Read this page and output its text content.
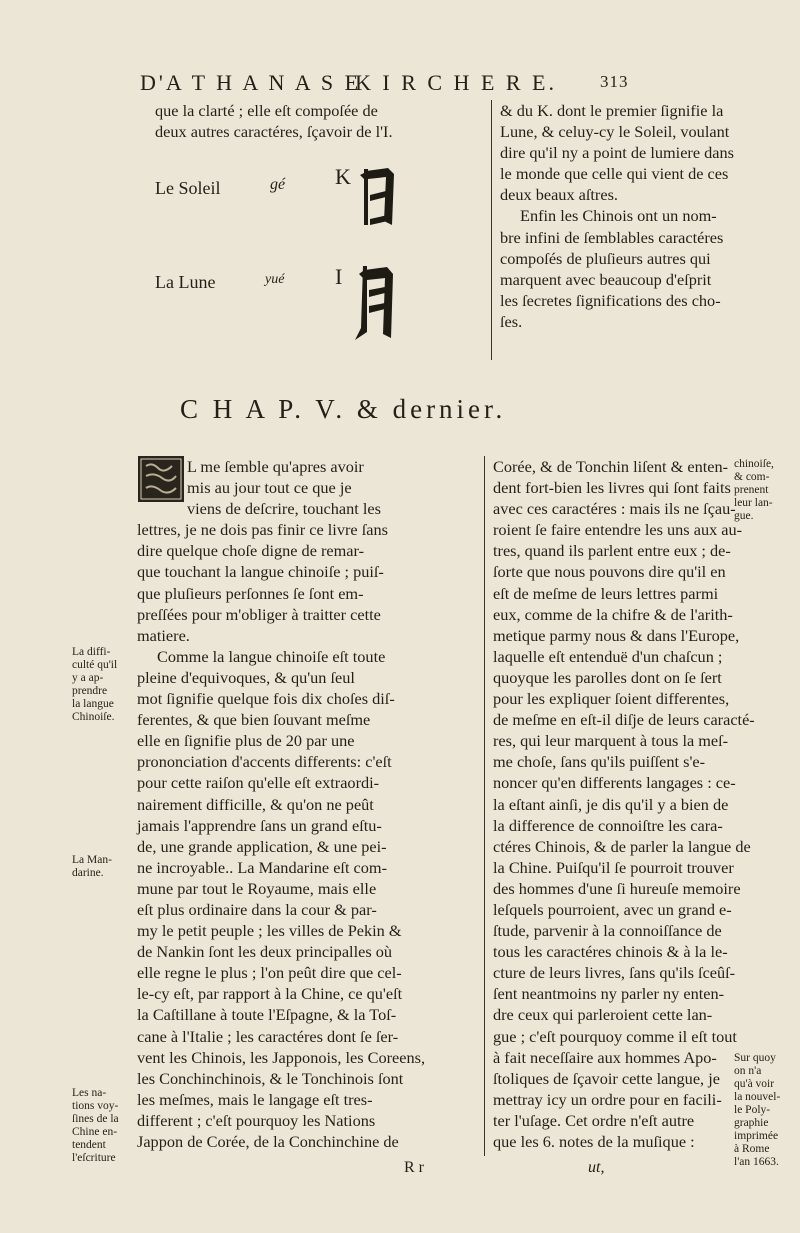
D'A T H A N A S E
K I R C H E R E.	313
que la clarté ; elle eſt compoſée de
deux autres caractéres, ſçavoir de l'I.
Le Soleil	gé K
La Lune	yué I
& du K. dont le premier ſignifie la
Lune, & celuy-cy le Soleil, voulant
dire qu'il ny a point de lumiere dans
le monde que celle qui vient de ces
deux beaux aſtres.
Enfin les Chinois ont un nom-
bre infini de ſemblables caractéres
compoſés de pluſieurs autres qui
marquent avec beaucoup d'eſprit
les ſecretes ſignifications des cho-
ſes.
C H A P. V. & dernier.
L me ſemble qu'apres avoir
mis au jour tout ce que je
viens de deſcrire, touchant les
lettres, je ne dois pas finir ce livre ſans
dire quelque choſe digne de remar-
que touchant la langue chinoiſe ; puiſ-
que pluſieurs perſonnes ſe ſont em-
preſſées pour m'obliger à traitter cette
matiere.
Comme la langue chinoiſe eſt toute
pleine d'equivoques, & qu'un ſeul
mot ſignifie quelque fois dix choſes diſ-
ferentes, & que bien ſouvant meſme
elle en ſignifie plus de 20 par une
prononciation d'accents differents: c'eſt
pour cette raiſon qu'elle eſt extraordi-
nairement difficille, & qu'on ne peût
jamais l'apprendre ſans un grand eſtu-
de, une grande application, & une pei-
ne incroyable.. La Mandarine eſt com-
mune par tout le Royaume, mais elle
eſt plus ordinaire dans la cour & par-
my le petit peuple ; les villes de Pekin &
de Nankin ſont les deux principalles où
elle regne le plus ; l'on peût dire que cel-
le-cy eſt, par rapport à la Chine, ce qu'eſt
la Caſtillane à toute l'Eſpagne, & la Toſ-
cane à l'Italie ; les caractéres dont ſe ſer-
vent les Chinois, les Japponois, les Coreens,
les Conchinchinois, & le Tonchinois ſont
les meſmes, mais le langage eſt tres-
different ; c'eſt pourquoy les Nations
Jappon de Corée, de la Conchinchine de
Corée, & de Tonchin liſent & enten-
dent fort-bien les livres qui ſont faits
avec ces caractéres : mais ils ne ſçau-
roient ſe faire entendre les uns aux au-
tres, quand ils parlent entre eux ; de-
ſorte que nous pouvons dire qu'il en
eſt de meſme de leurs lettres parmi
eux, comme de la chifre & de l'arith-
metique parmy nous & dans l'Europe,
laquelle eſt entenduë d'un chaſcun ;
quoyque les parolles dont on ſe ſert
pour les expliquer ſoient differentes,
de meſme en eſt-il diſje de leurs caracté-
res, qui leur marquent à tous la meſ-
me choſe, ſans qu'ils puiſſent s'e-
noncer qu'en differents langages : ce-
la eſtant ainſi, je dis qu'il y a bien de
la difference de connoiſtre les cara-
ctéres Chinois, & de parler la langue de
la Chine. Puiſqu'il ſe pourroit trouver
des hommes d'une ſi hureuſe memoire
leſquels pourroient, avec un grand e-
ſtude, parvenir à la connoiſſance de
tous les caractéres chinois & à la le-
cture de leurs livres, ſans qu'ils ſceûſ-
ſent neantmoins ny parler ny enten-
dre ceux qui parleroient cette lan-
gue ; c'eſt pourquoy comme il eſt tout
à fait neceſſaire aux hommes Apo-
ſtoliques de ſçavoir cette langue, je
mettray icy un ordre pour en facili-
ter l'uſage. Cet ordre n'eſt autre
que les 6. notes de la muſique :
La diffi-
culté qu'il
y a ap-
prendre
la langue
Chinoiſe.
La Man-
darine.
Les na-
tions voy-
ſines de la
Chine en-
tendent
l'eſcriture
chinoiſe,
& com-
prenent
leur lan-
gue.
Sur quoy
on n'a
qu'à voir
la nouvel-
le Poly-
graphie
imprimée
à Rome
l'an 1663.
R r	ut,
